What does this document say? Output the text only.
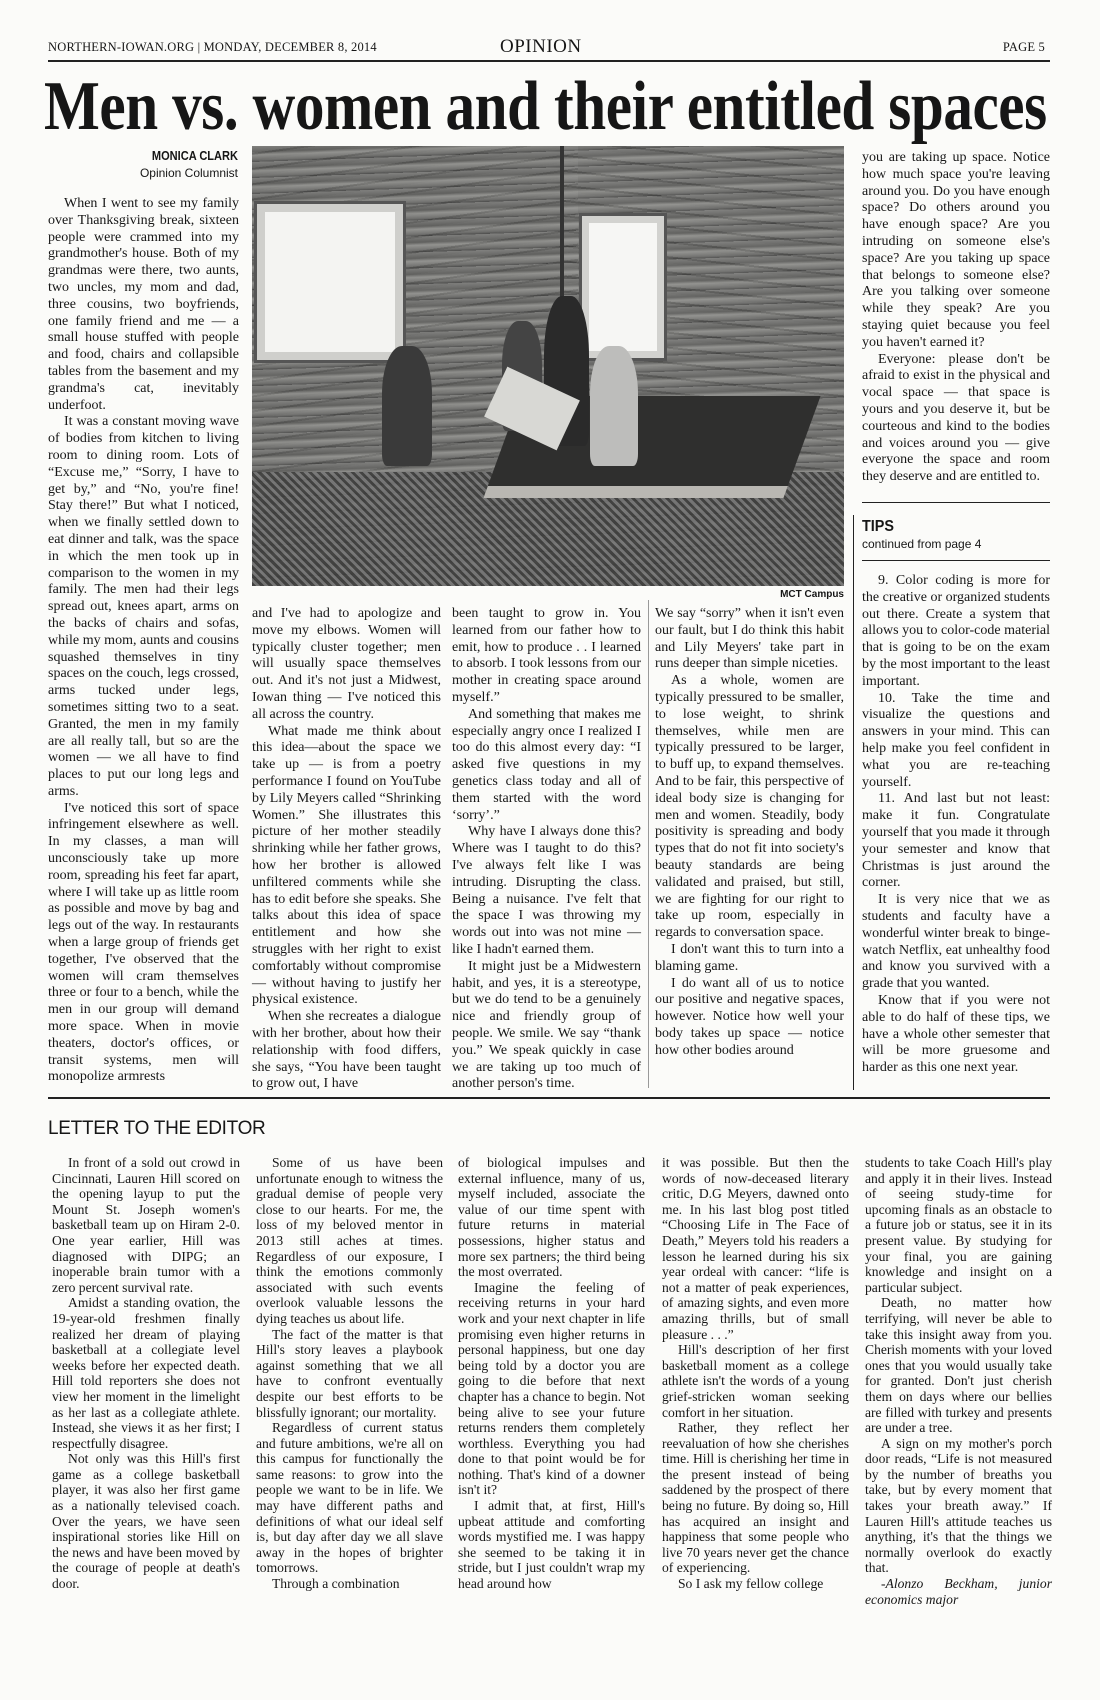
NORTHERN-IOWAN.ORG | MONDAY, DECEMBER 8, 2014	OPINION	PAGE 5
Men vs. women and their entitled spaces
MONICA CLARK
Opinion Columnist

When I went to see my family over Thanksgiving break, sixteen people were crammed into my grandmother's house. Both of my grandmas were there, two aunts, two uncles, my mom and dad, three cousins, two boyfriends, one family friend and me — a small house stuffed with people and food, chairs and collapsible tables from the basement and my grandma's cat, inevitably underfoot.

It was a constant moving wave of bodies from kitchen to living room to dining room. Lots of “Excuse me,” “Sorry, I have to get by,” and “No, you're fine! Stay there!” But what I noticed, when we finally settled down to eat dinner and talk, was the space in which the men took up in comparison to the women in my family. The men had their legs spread out, knees apart, arms on the backs of chairs and sofas, while my mom, aunts and cousins squashed themselves in tiny spaces on the couch, legs crossed, arms tucked under legs, sometimes sitting two to a seat. Granted, the men in my family are all really tall, but so are the women — we all have to find places to put our long legs and arms.

I've noticed this sort of space infringement elsewhere as well. In my classes, a man will unconsciously take up more room, spreading his feet far apart, where I will take up as little room as possible and move by bag and legs out of the way. In restaurants when a large group of friends get together, I've observed that the women will cram themselves three or four to a bench, while the men in our group will demand more space. When in movie theaters, doctor's offices, or transit systems, men will monopolize armrests

MCT Campus

and I've had to apologize and move my elbows. Women will typically cluster together; men will usually space themselves out. And it's not just a Midwest, Iowan thing — I've noticed this all across the country.

What made me think about this idea—about the space we take up — is from a poetry performance I found on YouTube by Lily Meyers called “Shrinking Women.” She illustrates this picture of her mother steadily shrinking while her father grows, how her brother is allowed unfiltered comments while she has to edit before she speaks. She talks about this idea of space entitlement and how she struggles with her right to exist comfortably without compromise — without having to justify her physical existence.

When she recreates a dialogue with her brother, about how their relationship with food differs, she says, “You have been taught to grow out, I have

been taught to grow in. You learned from our father how to emit, how to produce . . I learned to absorb. I took lessons from our mother in creating space around myself.”

And something that makes me especially angry once I realized I too do this almost every day: “I asked five questions in my genetics class today and all of them started with the word ‘sorry’.”

Why have I always done this? Where was I taught to do this? I've always felt like I was intruding. Disrupting the class. Being a nuisance. I've felt that the space I was throwing my words out into was not mine — like I hadn't earned them.

It might just be a Midwestern habit, and yes, it is a stereotype, but we do tend to be a genuinely nice and friendly group of people. We smile. We say “thank you.” We speak quickly in case we are taking up too much of another person's time.

We say “sorry” when it isn't even our fault, but I do think this habit and Lily Meyers' take part in runs deeper than simple niceties.

As a whole, women are typically pressured to be smaller, to lose weight, to shrink themselves, while men are typically pressured to be larger, to buff up, to expand themselves. And to be fair, this perspective of ideal body size is changing for men and women. Steadily, body positivity is spreading and body types that do not fit into society's beauty standards are being validated and praised, but still, we are fighting for our right to take up room, especially in regards to conversation space.

I don't want this to turn into a blaming game.

I do want all of us to notice our positive and negative spaces, however. Notice how well your body takes up space — notice how other bodies around

you are taking up space. Notice how much space you're leaving around you. Do you have enough space? Do others around you have enough space? Are you intruding on someone else's space? Are you taking up space that belongs to someone else? Are you talking over someone while they speak? Are you staying quiet because you feel you haven't earned it?

Everyone: please don't be afraid to exist in the physical and vocal space — that space is yours and you deserve it, but be courteous and kind to the bodies and voices around you — give everyone the space and room they deserve and are entitled to.

TIPS
continued from page 4

9. Color coding is more for the creative or organized students out there. Create a system that allows you to color-code material that is going to be on the exam by the most important to the least important.

10. Take the time and visualize the questions and answers in your mind. This can help make you feel confident in what you are re-teaching yourself.

11. And last but not least: make it fun. Congratulate yourself that you made it through your semester and know that Christmas is just around the corner.

It is very nice that we as students and faculty have a wonderful winter break to binge-watch Netflix, eat unhealthy food and know you survived with a grade that you wanted.

Know that if you were not able to do half of these tips, we have a whole other semester that will be more gruesome and harder as this one next year.

LETTER TO THE EDITOR

In front of a sold out crowd in Cincinnati, Lauren Hill scored on the opening layup to put the Mount St. Joseph women's basketball team up on Hiram 2-0. One year earlier, Hill was diagnosed with DIPG; an inoperable brain tumor with a zero percent survival rate.

Amidst a standing ovation, the 19-year-old freshmen finally realized her dream of playing basketball at a collegiate level weeks before her expected death. Hill told reporters she does not view her moment in the limelight as her last as a collegiate athlete. Instead, she views it as her first; I respectfully disagree.

Not only was this Hill's first game as a college basketball player, it was also her first game as a nationally televised coach. Over the years, we have seen inspirational stories like Hill on the news and have been moved by the courage of people at death's door.

Some of us have been unfortunate enough to witness the gradual demise of people very close to our hearts. For me, the loss of my beloved mentor in 2013 still aches at times. Regardless of our exposure, I think the emotions commonly associated with such events overlook valuable lessons the dying teaches us about life.

The fact of the matter is that Hill's story leaves a playbook against something that we all have to confront eventually despite our best efforts to be blissfully ignorant; our mortality.

Regardless of current status and future ambitions, we're all on this campus for functionally the same reasons: to grow into the people we want to be in life. We may have different paths and definitions of what our ideal self is, but day after day we all slave away in the hopes of brighter tomorrows.

Through a combination

of biological impulses and external influence, many of us, myself included, associate the value of our time spent with future returns in material possessions, higher status and more sex partners; the third being the most overrated.

Imagine the feeling of receiving returns in your hard work and your next chapter in life promising even higher returns in personal happiness, but one day being told by a doctor you are going to die before that next chapter has a chance to begin. Not being alive to see your future returns renders them completely worthless. Everything you had done to that point would be for nothing. That's kind of a downer isn't it?

I admit that, at first, Hill's upbeat attitude and comforting words mystified me. I was happy she seemed to be taking it in stride, but I just couldn't wrap my head around how

it was possible. But then the words of now-deceased literary critic, D.G Meyers, dawned onto me. In his last blog post titled “Choosing Life in The Face of Death,” Meyers told his readers a lesson he learned during his six year ordeal with cancer: “life is not a matter of peak experiences, of amazing sights, and even more amazing thrills, but of small pleasure . . .”

Hill's description of her first basketball moment as a college athlete isn't the words of a young grief-stricken woman seeking comfort in her situation.

Rather, they reflect her reevaluation of how she cherishes time. Hill is cherishing her time in the present instead of being saddened by the prospect of there being no future. By doing so, Hill has acquired an insight and happiness that some people who live 70 years never get the chance of experiencing.

So I ask my fellow college

students to take Coach Hill's play and apply it in their lives. Instead of seeing study-time for upcoming finals as an obstacle to a future job or status, see it in its present value. By studying for your final, you are gaining knowledge and insight on a particular subject.

Death, no matter how terrifying, will never be able to take this insight away from you. Cherish moments with your loved ones that you would usually take for granted. Don't just cherish them on days where our bellies are filled with turkey and presents are under a tree.

A sign on my mother's porch door reads, “Life is not measured by the number of breaths you take, but by every moment that takes your breath away.” If Lauren Hill's attitude teaches us anything, it's that the things we normally overlook do exactly that.

-Alonzo Beckham, junior economics major
